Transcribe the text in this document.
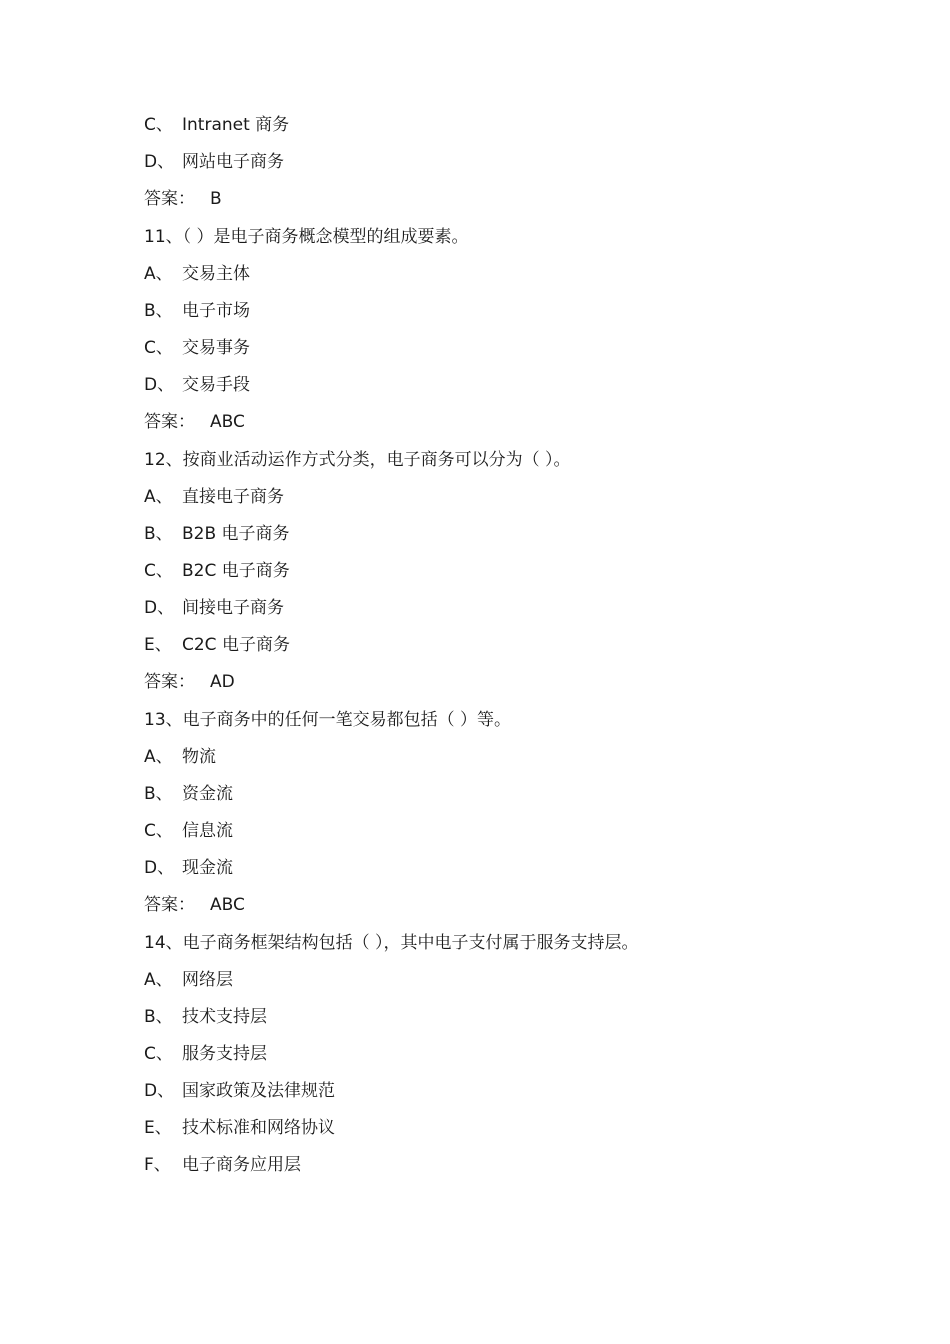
C、 Intranet 商务
D、 网站电子商务
答案： B
11、（ ）是电子商务概念模型的组成要素。
A、 交易主体
B、 电子市场
C、 交易事务
D、 交易手段
答案： ABC
12、按商业活动运作方式分类，电子商务可以分为（ ）。
A、 直接电子商务
B、 B2B 电子商务
C、 B2C 电子商务
D、 间接电子商务
E、 C2C 电子商务
答案： AD
13、电子商务中的任何一笔交易都包括（ ）等。
A、 物流
B、 资金流
C、 信息流
D、 现金流
答案： ABC
14、电子商务框架结构包括（ ），其中电子支付属于服务支持层。
A、 网络层
B、 技术支持层
C、 服务支持层
D、 国家政策及法律规范
E、 技术标准和网络协议
F、 电子商务应用层
